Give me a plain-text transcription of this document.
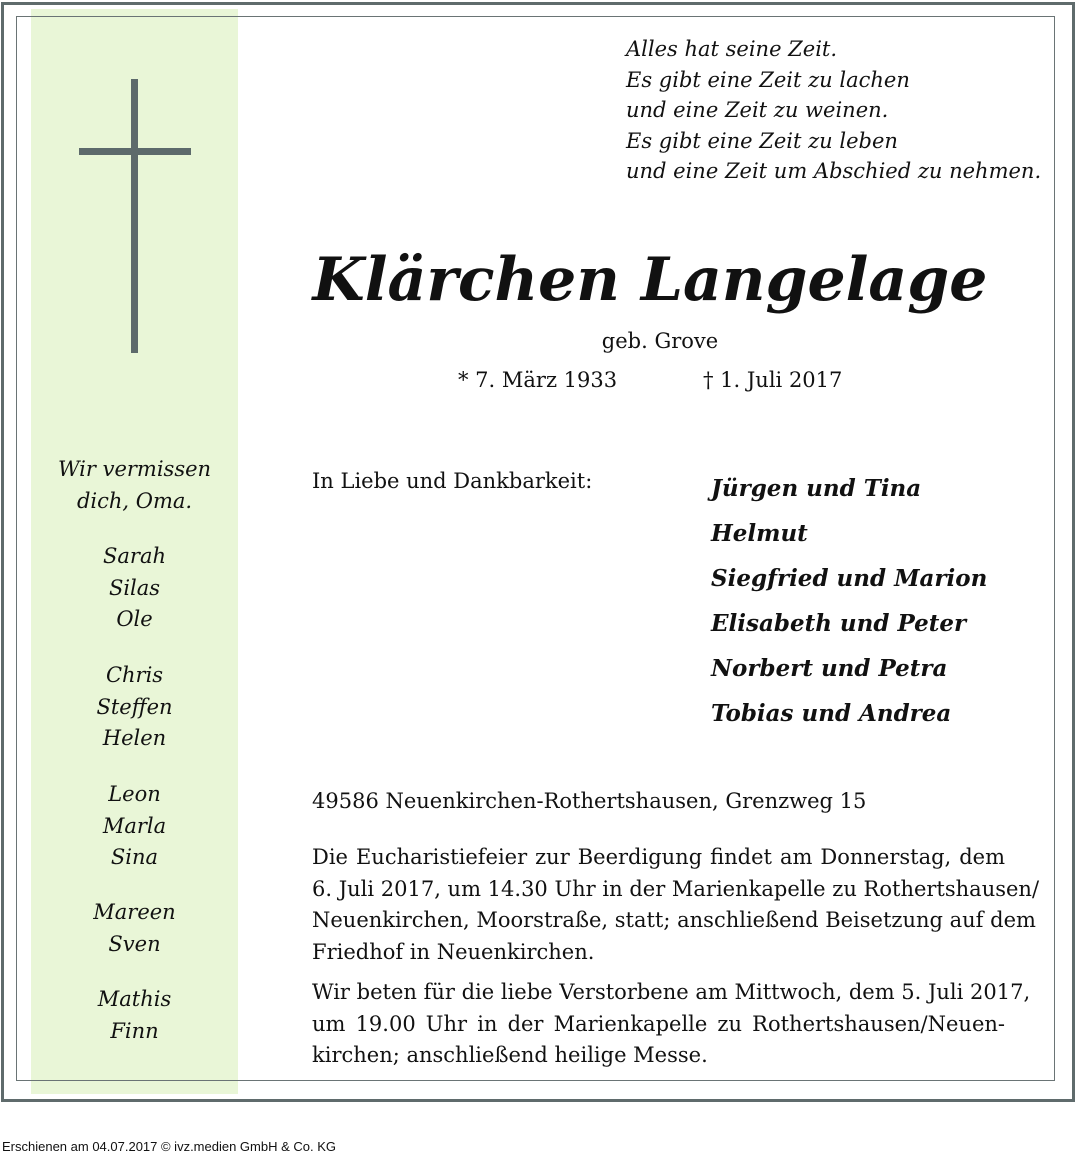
Wir vermissen
dich, Oma.
Sarah
Silas
Ole
Chris
Steffen
Helen
Leon
Marla
Sina
Mareen
Sven
Mathis
Finn
Alles hat seine Zeit.
Es gibt eine Zeit zu lachen
und eine Zeit zu weinen.
Es gibt eine Zeit zu leben
und eine Zeit um Abschied zu nehmen.
Klärchen Langelage
geb. Grove
* 7. März 1933	† 1. Juli 2017
In Liebe und Dankbarkeit:	Jürgen und Tina
Helmut
Siegfried und Marion
Elisabeth und Peter
Norbert und Petra
Tobias und Andrea
49586 Neuenkirchen-Rothertshausen, Grenzweg 15
Die Eucharistiefeier zur Beerdigung findet am Donnerstag, dem
6. Juli 2017, um 14.30 Uhr in der Marienkapelle zu Rothertshausen/
Neuenkirchen, Moorstraße, statt; anschließend Beisetzung auf dem
Friedhof in Neuenkirchen.
Wir beten für die liebe Verstorbene am Mittwoch, dem 5. Juli 2017,
um 19.00 Uhr in der Marienkapelle zu Rothertshausen/Neuen-
kirchen; anschließend heilige Messe.
Erschienen am 04.07.2017 © ivz.medien GmbH & Co. KG
